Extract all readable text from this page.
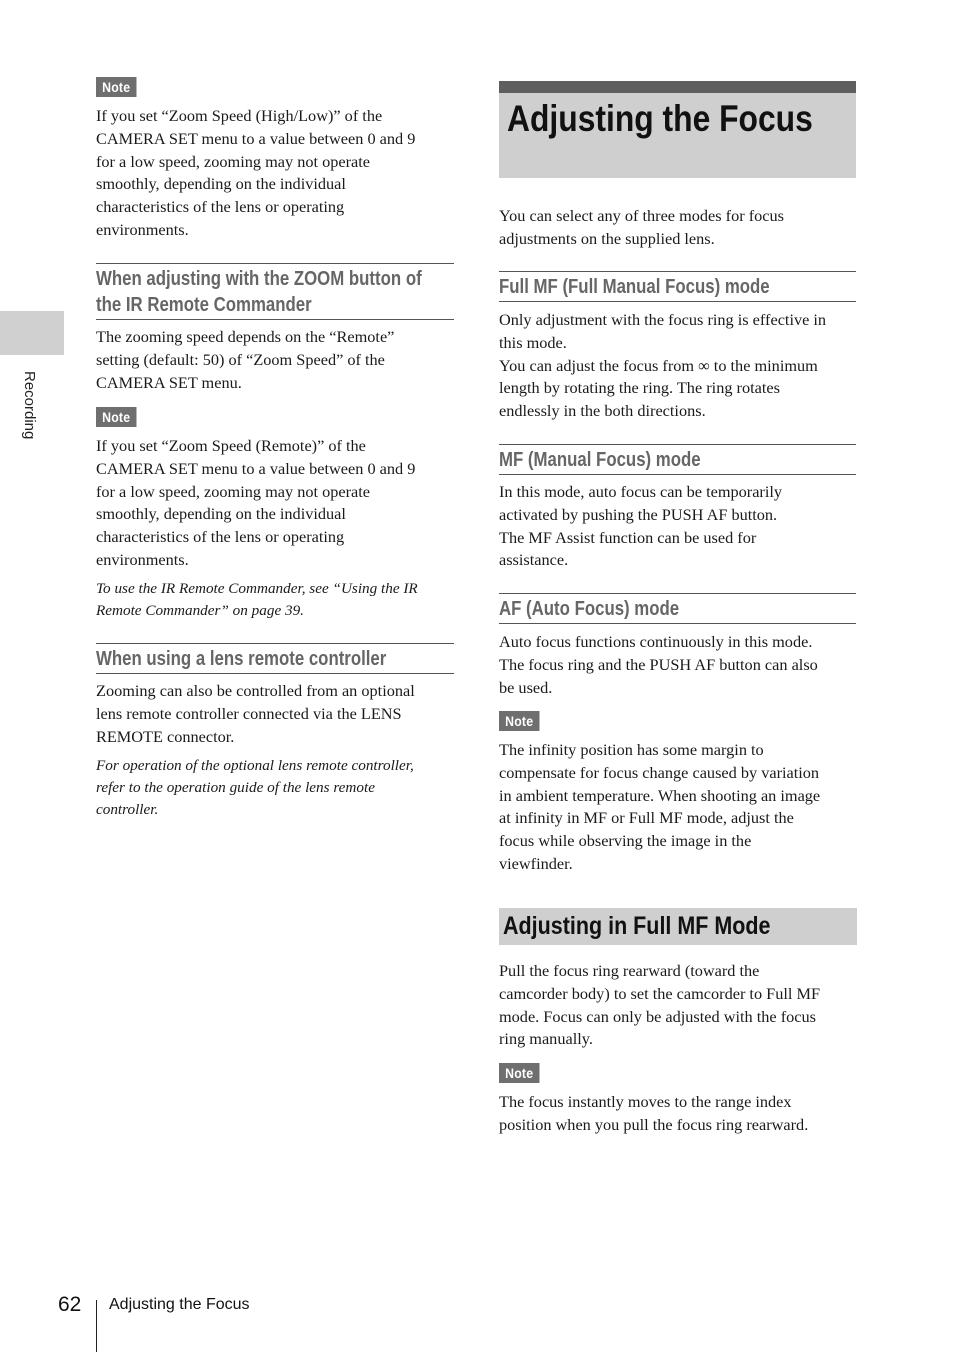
Recording
Note

If you set “Zoom Speed (High/Low)” of the

CAMERA SET menu to a value between 0 and 9

for a low speed, zooming may not operate

smoothly, depending on the individual

characteristics of the lens or operating

environments.

When adjusting with the ZOOM button of
the IR Remote Commander

The zooming speed depends on the “Remote”

setting (default: 50) of “Zoom Speed” of the

CAMERA SET menu.

Note

If you set “Zoom Speed (Remote)” of the

CAMERA SET menu to a value between 0 and 9

for a low speed, zooming may not operate

smoothly, depending on the individual

characteristics of the lens or operating

environments.

To use the IR Remote Commander, see “Using the IR

Remote Commander” on page 39.

When using a lens remote controller

Zooming can also be controlled from an optional

lens remote controller connected via the LENS

REMOTE connector.

For operation of the optional lens remote controller,

refer to the operation guide of the lens remote

controller.

Adjusting the Focus

You can select any of three modes for focus

adjustments on the supplied lens.

Full MF (Full Manual Focus) mode

Only adjustment with the focus ring is effective in

this mode.

You can adjust the focus from ∞ to the minimum

length by rotating the ring. The ring rotates

endlessly in the both directions.

MF (Manual Focus) mode

In this mode, auto focus can be temporarily

activated by pushing the PUSH AF button.

The MF Assist function can be used for

assistance.

AF (Auto Focus) mode

Auto focus functions continuously in this mode.

The focus ring and the PUSH AF button can also

be used.

Note

The infinity position has some margin to

compensate for focus change caused by variation

in ambient temperature. When shooting an image

at infinity in MF or Full MF mode, adjust the

focus while observing the image in the

viewfinder.

Adjusting in Full MF Mode

Pull the focus ring rearward (toward the

camcorder body) to set the camcorder to Full MF

mode. Focus can only be adjusted with the focus

ring manually.

Note

The focus instantly moves to the range index

position when you pull the focus ring rearward.

62 Adjusting the Focus
